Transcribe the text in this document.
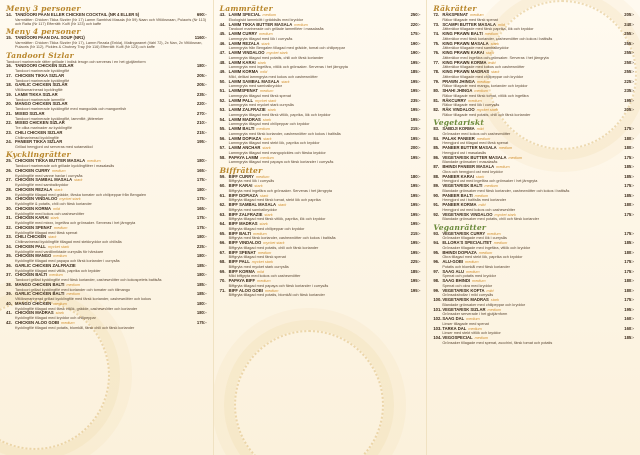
Meny 3 personer
14. TANDOORI PAAN ELLER CHICKEN COCKTAIL (NR 4 ELLER 5)	690:-
Varmrätter: Chicken Tikka Sizzler (Nr 17) Lamm Sambhal Masala (Nr 59) Naan och Vitlöksnaan, Pulaoris (Nr 113) och Raita (Nr 117) Efterrätt: Kulfi (Nr 123) och kaffe
Meny 4 personer
15. TANDOORI PAAN DAL SOUP (NR1)	1160:-
Varmrätter: Chicken Tikka Sizzler (Nr 17), Lamm Rezala (Enkla), Malingaranet (Vahl 72), 2x Nan, 2x Vitlöksnan, Pulaoris (Nr 112), Pickles & Chutney Tray (Nr 116) Efterrätt: Kulfi (Nr 123) och kaffe
Tandoori Sizlar
Tandoori marinerade rätter grillade i indisk lerugn och serveras i en het gjutjärnform
16. TANDOORI CHICKEN SIZLAR	180:-
Tandoori marinerade kycklingfilé
17. CHICKEN TIKKA SIZLAR	205:-
Tandoori marinerade kycklingfilé
18. GARLIC CHICKEN SIZLAR	205:-
Vitlöksmarinerad kycklingfilé
19. LAMM TIKKA SIZLAR	235:-
Tandoori marinerade lammfilé
20. MANGO CHICKEN SIZLAR	220:-
Tandoori marinerade kycklingfilé med mangodals och mangorelish
21. MIXED SIZLAR	270:-
Tandoori marinerade kycklingfilé, lammfilé, jättereker
22. MIXED CHICKEN SIZLAR	210:-
Tre olika marinader av kycklingfilé
23. CHILI CHICKEN SIZLAR	215:-
Chilimarinerad kycklingfilé
24. PANEER TIKKA SIZLAR	195:-
Grillad hemgjord ost serveras med sotamatlod
Kycklingrätter
25. CHICKEN TIKKA BUTTER MASALA medium	180:-
Tandoori marinerade och grillade kycklingfiléer i masalasås
26. CHICKEN CURRY medium	165:-
Kycklingfilé med vanne havlar i currysås
27. CHICKEN SAMBAL MASALA stark	175:-
Kycklingfilé med sambalkryddor
28. CHICKEN REZALA stark	180:-
Kycklingfilé tillagad med grädde, färska tomater och chilipeppar från Bengalen
29. CHICKEN VINDALOO mycket stark	175:-
Kycklingfilé & potatis, chili och färsk koriander
30. CHICKEN KORMA mild	165:-
Kycklingfilé med kokos och cashewnötter
31. CHICKEN KARAI stark	175:-
Kycklingfilé med mixxx, ingefära och grönsaker. Serveras i het järngryta
32. CHICKEN SPENAT medium	175:-
Kycklingfilé tillagad med färsk spenat
33. CHILI CHICKEN stark	180:-
Chilimarinerad kycklingfilé tillagad med stekkryddor och chilisås
34. CHICKEN PALL mycket stark	225:-
Kycklingfilé med vanillinriktade currysås för härskare
35. CHICKEN MANGO medium	180:-
Kycklingfilé tillagad med papaya och färsk koriander i currysås
36. GARLIC CHICKEN ZALFRAZIE	185:-
Kycklingfilé tillagad med vitlök, paprika och krydder
37. CHICKEN BALTI medium	180:-
Tandoori grillad kycklingfilé med färsk koriander, cashewnötter och kokospelets baltisås
38. MANGO CHICKEN BALTI medium	185:-
Tandoori grillad kycklingfilé med koriander och tomater och tillmango
39. GARLIC CHICKEN BALTI medium	185:-
Vitlöksmarinerad grillad kycklingfilé med färsk koriander, cashewnötter och kokos
40. MANGO CHICKEN medium	180:-
Kycklingfilé tillagad med färsk vitlök, grädde, cashewnötter och koriander
41. CHICKEN MADRAS stark	180:-
Kycklingfilé tillagad med kryddor och chilipeppar
42. CHICKEN ALOO GOBI medium	175:-
Kycklingfilé tillagad med potatis, blomkål, färsk chili och färsk koriander
Lammrätter
43. LAMM SPECIAL medium	250:-
Ekologiskt lammkött i gräddsås med kryddor
44. LAMM TIKKA BUTTER MASALA medium	220:-
Tandoori marinerade och grillade lammfiléer i masalasås
45. LAMM CURRY medium	175:-
Lammgryta tillagad med lök i currysås
46. LAMM REZALA stark	190:-
Lammgryta från Bengalen tillagad med grädde, tomat och chilipeppar
47. LAMM VINDALOO mycket stark	190:-
Lammgryta tillagad med potatis, chili och färsk koriander
48. LAMM KARAI stark	195:-
Lammgryta med ingefära, vitlök och grönsaker. Serveras i het järngryta
49. LAMM KORMA mild	185:-
Mild, delikat lammgryta med kokos och cashewnötter
50. LAMM SAMBAL MASALA stark	195:-
Lammgryta med sambalkryddor
51. LAMMSPENAT medium	195:-
Lammgryta tillagad med färsk spenat
52. LAMM PALL mycket stark	235:-
Lammgryta med mycket stark currysås
53. LAMM ZALFRAZIE stark	195:-
Lammgryta tillagad med färsk vitlök, paprika, lök och kryddor
54. LAMM MADRAS stark	195:-
Lammgryta tillagad med chilipeppar och kryddor
55. LAMM BALTI medium	215:-
Lammgryta med färsk koriander, cashewnötter och kokos i baltisås
56. LAMM DOPIAZA stark	195:-
Lammgryta tillagad med stekt lök, paprika och kryddor
57. LAMM ANCHAR stark	200:-
Lammgryta tillagad med mangopickles och färska kryddor
58. PAPAYA LAMM medium	195:-
Lammgryta tillagad med papaya och färsk koriander i currysås
Biffrätter
59. BIFF CURRY medium	180:-
Biffgryta med lök i currysås
60. BIFF KARAI stark	195:-
Biffgryta med ingefära och grönsaker. Serveras i het järngryta
61. BIFF DOPIAZA stark	195:-
Biffgryta tillagad med färsk tomat, stekt lök och paprika
62. BIFF SAMBAL MASALA stark	195:-
Biffgryta med sambalkryddor
63. BIFF ZALFRAZIE stark	195:-
Biffgryta tillagad med färsk vitlök, paprika, lök och kryddor
64. BIFF MADRAS stark	195:-
Biffgryta tillagad med chilipeppar och kryddor
65. BIFF BALTI medium	215:-
Biffgryta med färsk koriander, cashewnötter och kokos i baltisås
66. BIFF VINDALOO mycket stark	195:-
Biffgryta tillagad med potatis, chili och färsk koriander
67. BIFF SPENAT medium	195:-
Biffgryta tillagad med färsk spenat
68. BIFF PALL mycket stark	225:-
Biffgryta med mycket stark currysås
69. BIFF KORMA mild	185:-
Mild biffgryta med kokos och cashewnötter
70. PAPAYA BIFF medium	195:-
Biffgryta tillagad med papaya och färsk koriander i currysås
71. BIFF ALOO GOBI medium	195:-
Biffgryta tillagad med potatis, blomkål och färsk koriander
Räkrätter
72. RÄKSPENAT medium	205:-
Räkor tillagade med färsk spenat
73. SCAMPI BUTTER MASALA mild	240:-
Jätteräkor tillagade med färsk paprika, lök och kryddor
74. KING PRAWN BALTI medium	255:-
Jätteräkor med färsk koriander, cashewnötter och kokos i baltisås
75. KING PRAWN MASALA stark	255:-
Jätteräkor tillagade med sambalkryddor
76. KING PRAWN KARAI stark	255:-
Jätteräkor med ingefära och grönsaker. Serveras i het järngryta
77. KING PRAWN KORMA mild	250:-
Jätteräkor tillagade med kokos och cashewnötter
78. KING PRAWN MADRAS stark	255:-
Jätteräkor tillagade med chilipeppar och kryddor
79. PRAWN JHINGA medium	225:-
Räkor tillagade med mango, koriander och kryddor
80. SHAHI JHINGA medium	235:-
Räkor tillagade med färsk tomat, vitlök och ingefära
81. RÄKCURRY medium	195:-
Räkor tillagade med lök i currysås
82. RÄK VINDALOO mycket stark	205:-
Räkor tillagade med potatis, chili och färsk koriander
Vegetariskt
83. SABDJI KORMA mild	175:-
Grönsaker med kokos och cashewnötter
84. PALAK PANEER medium	180:-
Hemgjord ost tillagad med färsk spenat
85. PANEER BUTTER MASALA medium	180:-
Hemgjord ost i masalasås
86. VEGETARISK BUTTER MASALA medium	175:-
Blandade grönsaker i masalasås
87. BHINDI PANEER MASALA medium	185:-
Okra och hemgjord ost med kryddor
88. PANEER KARAI stark	185:-
Hemgjord ost med ingefära och grönsaker i het järngryta
89. VEGETARISK BALTI medium	175:-
Blandade grönsaker med färsk koriander, cashewnötter och kokos i baltisås
90. PANEER BALTI medium	185:-
Hemgjord ost i baltisås med koriander
91. PANEER KORMA mild	180:-
Hemgjord ost med kokos och cashewnötter
92. VEGETARISK VINDALOO mycket stark	175:-
Blandade grönsaker med potatis, chili och färsk koriander
Veganrätter
93. VEGETARISK CURRY medium	175:-
Grönsaker tillagade med lök i currysås
94. ELLORA'S SPECIALITET medium	185:-
Grönsaker tillagade med ingefära, vitlök och kryddor
95. BHINDI DOPIAZA medium	180:-
Okra tillagad med stekt lök, paprika och kryddor
96. ALU-GOBI medium	175:-
Potatis och blomkål med färsk koriander
97. SAAG ALU medium	175:-
Spenat och potatis med kryddor
98. SAAG BHINDI medium	180:-
Spenat och okra med kryddor
99. VEGETARISK KOFTA mild	180:-
Grönsaksbollar i mild currysås
100. VEGETARISK MADRAS stark	175:-
Blandade grönsaker med chilipeppar och kryddor
101. VEGETARISK SIZLAR medium	195:-
Grönsaker serverade i het gjutjärnform
102. SAAG DAL medium	160:-
Linser tillagade med spenat
103. TARKA DAL medium	160:-
Linser med stekt vitlök och kryddor
104. VEGOSPECIAL medium	185:-
Grönsaker tillagade med spenat, zucchini, färsk tomat och potatis
